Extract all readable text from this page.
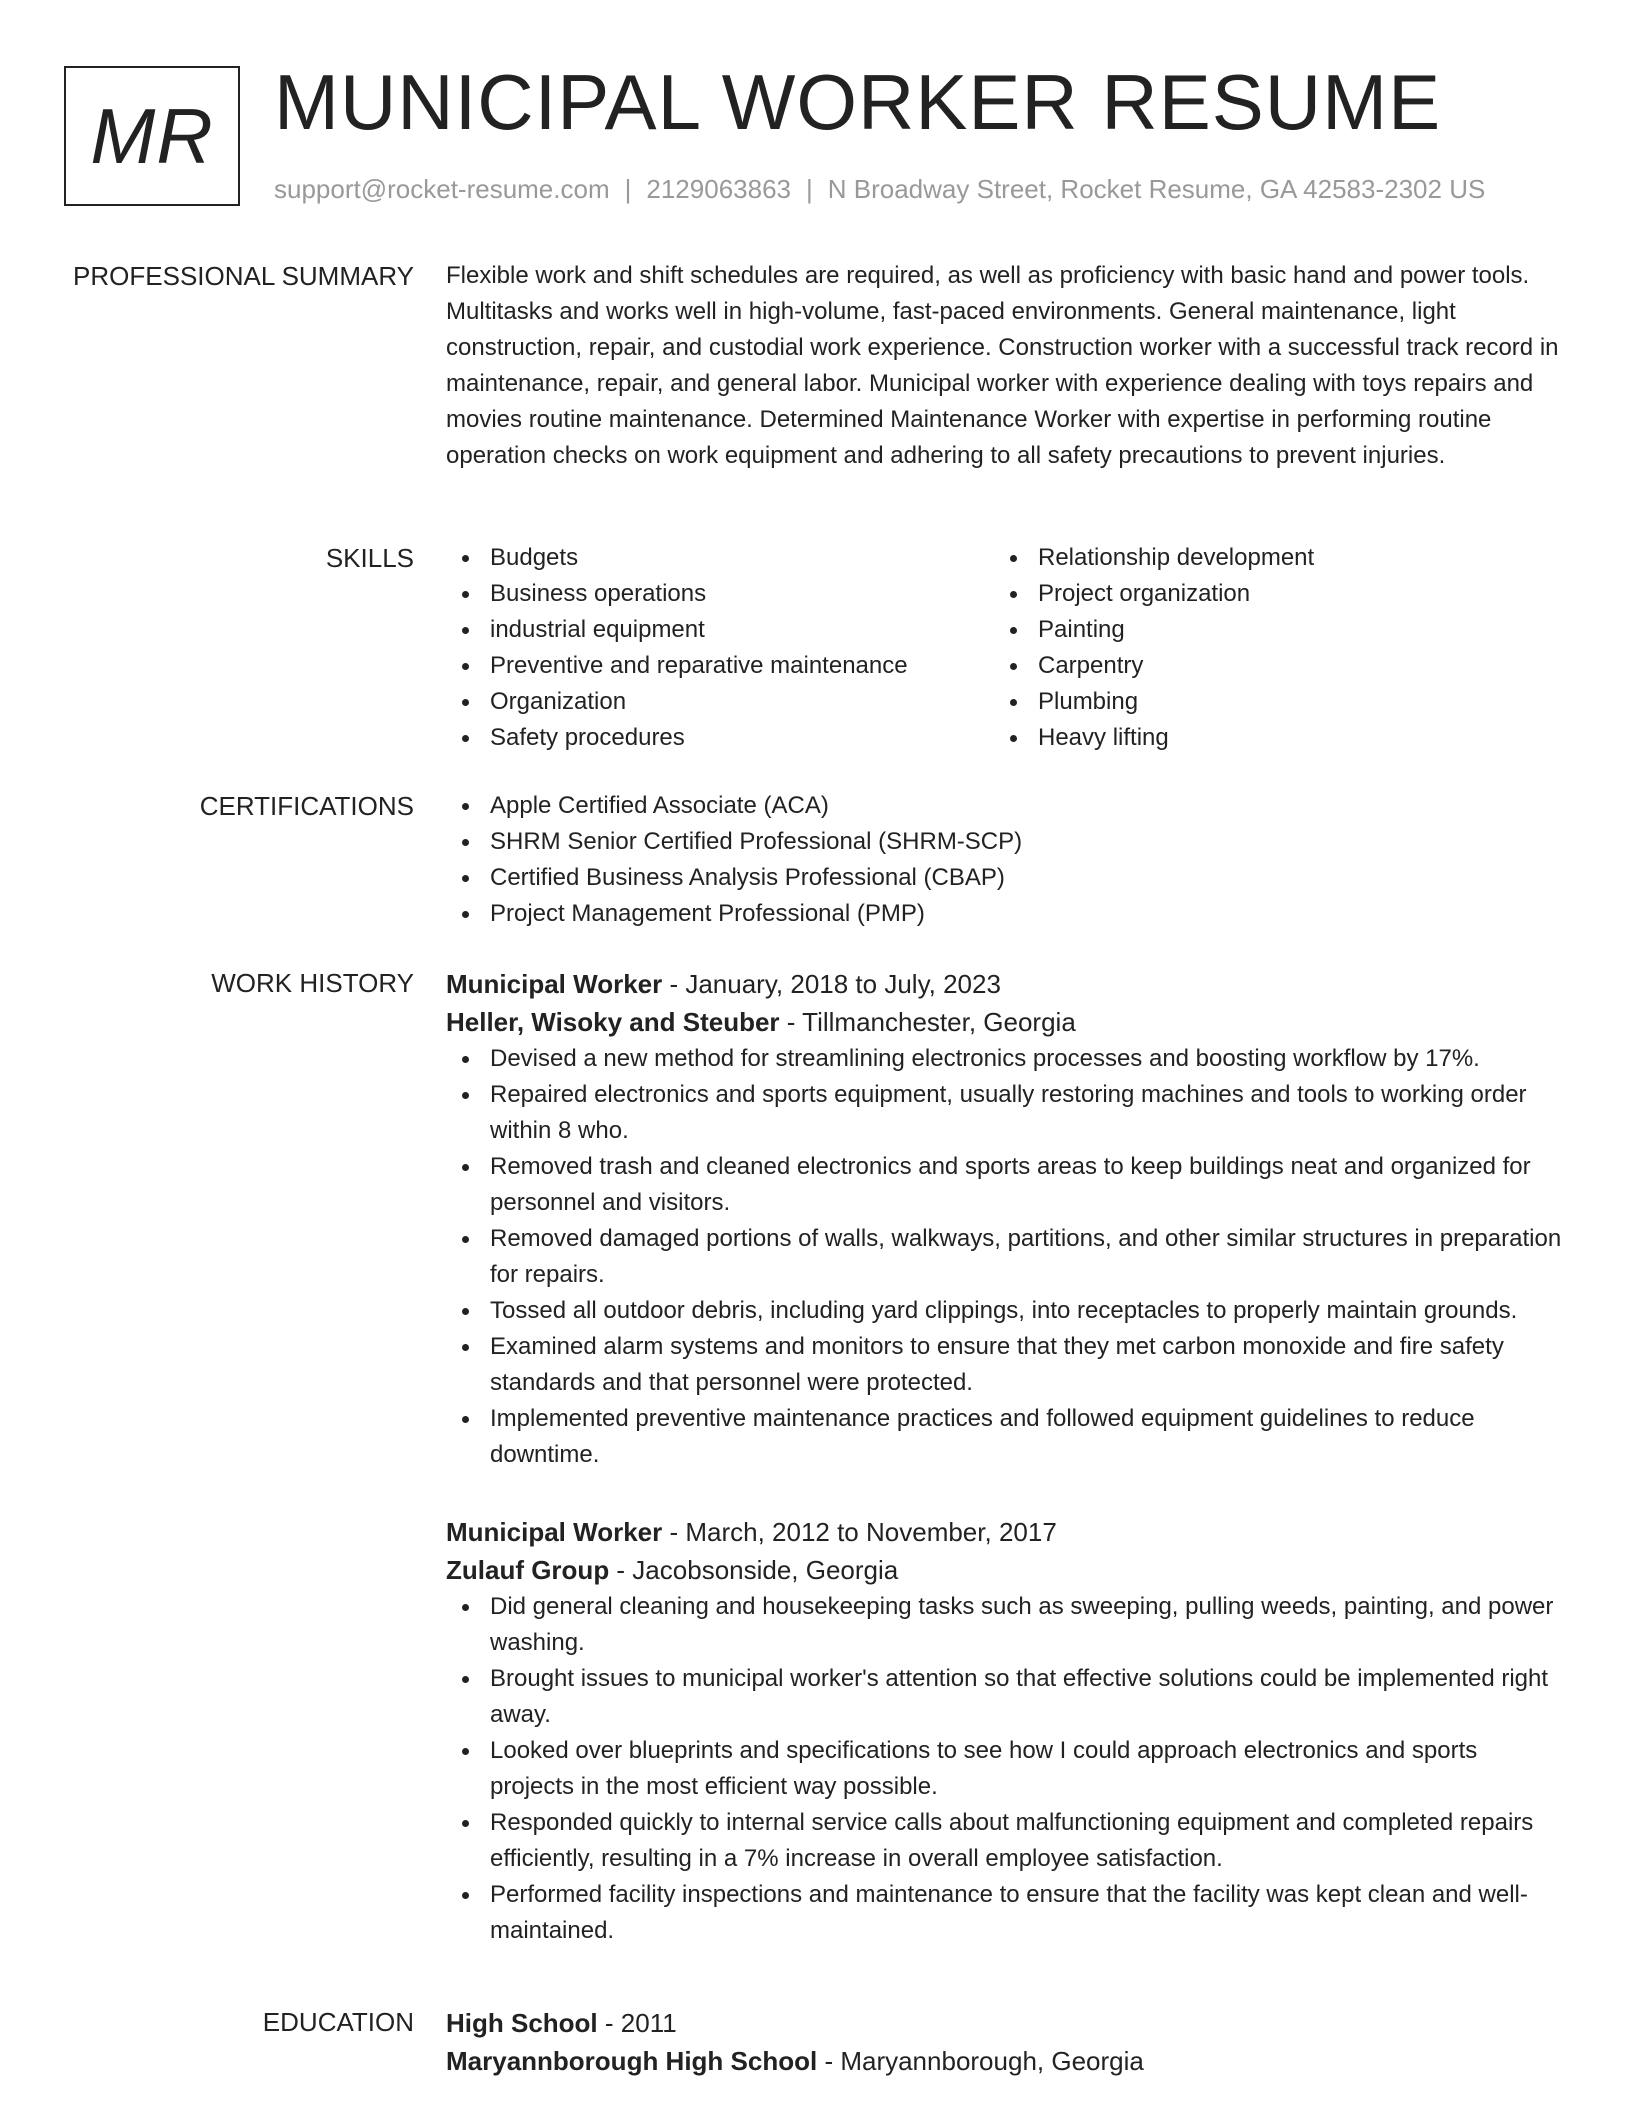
MR MUNICIPAL WORKER RESUME
support@rocket-resume.com | 2129063863 | N Broadway Street, Rocket Resume, GA 42583-2302 US
PROFESSIONAL SUMMARY Flexible work and shift schedules are required, as well as proficiency with basic hand and power tools. Multitasks and works well in high-volume, fast-paced environments. General maintenance, light construction, repair, and custodial work experience. Construction worker with a successful track record in maintenance, repair, and general labor. Municipal worker with experience dealing with toys repairs and movies routine maintenance. Determined Maintenance Worker with expertise in performing routine operation checks on work equipment and adhering to all safety precautions to prevent injuries.

SKILLS	Budgets
Business operations
industrial equipment
Preventive and reparative maintenance
Organization
Safety procedures
Relationship development
Project organization
Painting
Carpentry
Plumbing
Heavy lifting
CERTIFICATIONS	Apple Certified Associate (ACA)
SHRM Senior Certified Professional (SHRM-SCP)
Certified Business Analysis Professional (CBAP)
Project Management Professional (PMP)
WORK HISTORY Municipal Worker - January, 2018 to July, 2023
Heller, Wisoky and Steuber - Tillmanchester, Georgia
Devised a new method for streamlining electronics processes and boosting workflow by 17%.
Repaired electronics and sports equipment, usually restoring machines and tools to working order within 8 who.
Removed trash and cleaned electronics and sports areas to keep buildings neat and organized for personnel and visitors.
Removed damaged portions of walls, walkways, partitions, and other similar structures in preparation for repairs.
Tossed all outdoor debris, including yard clippings, into receptacles to properly maintain grounds.
Examined alarm systems and monitors to ensure that they met carbon monoxide and fire safety standards and that personnel were protected.
Implemented preventive maintenance practices and followed equipment guidelines to reduce downtime.
Municipal Worker - March, 2012 to November, 2017
Zulauf Group - Jacobsonside, Georgia
Did general cleaning and housekeeping tasks such as sweeping, pulling weeds, painting, and power washing.
Brought issues to municipal worker's attention so that effective solutions could be implemented right away.
Looked over blueprints and specifications to see how I could approach electronics and sports projects in the most efficient way possible.
Responded quickly to internal service calls about malfunctioning equipment and completed repairs efficiently, resulting in a 7% increase in overall employee satisfaction.
Performed facility inspections and maintenance to ensure that the facility was kept clean and well-maintained.
EDUCATION High School - 2011
Maryannborough High School - Maryannborough, Georgia
